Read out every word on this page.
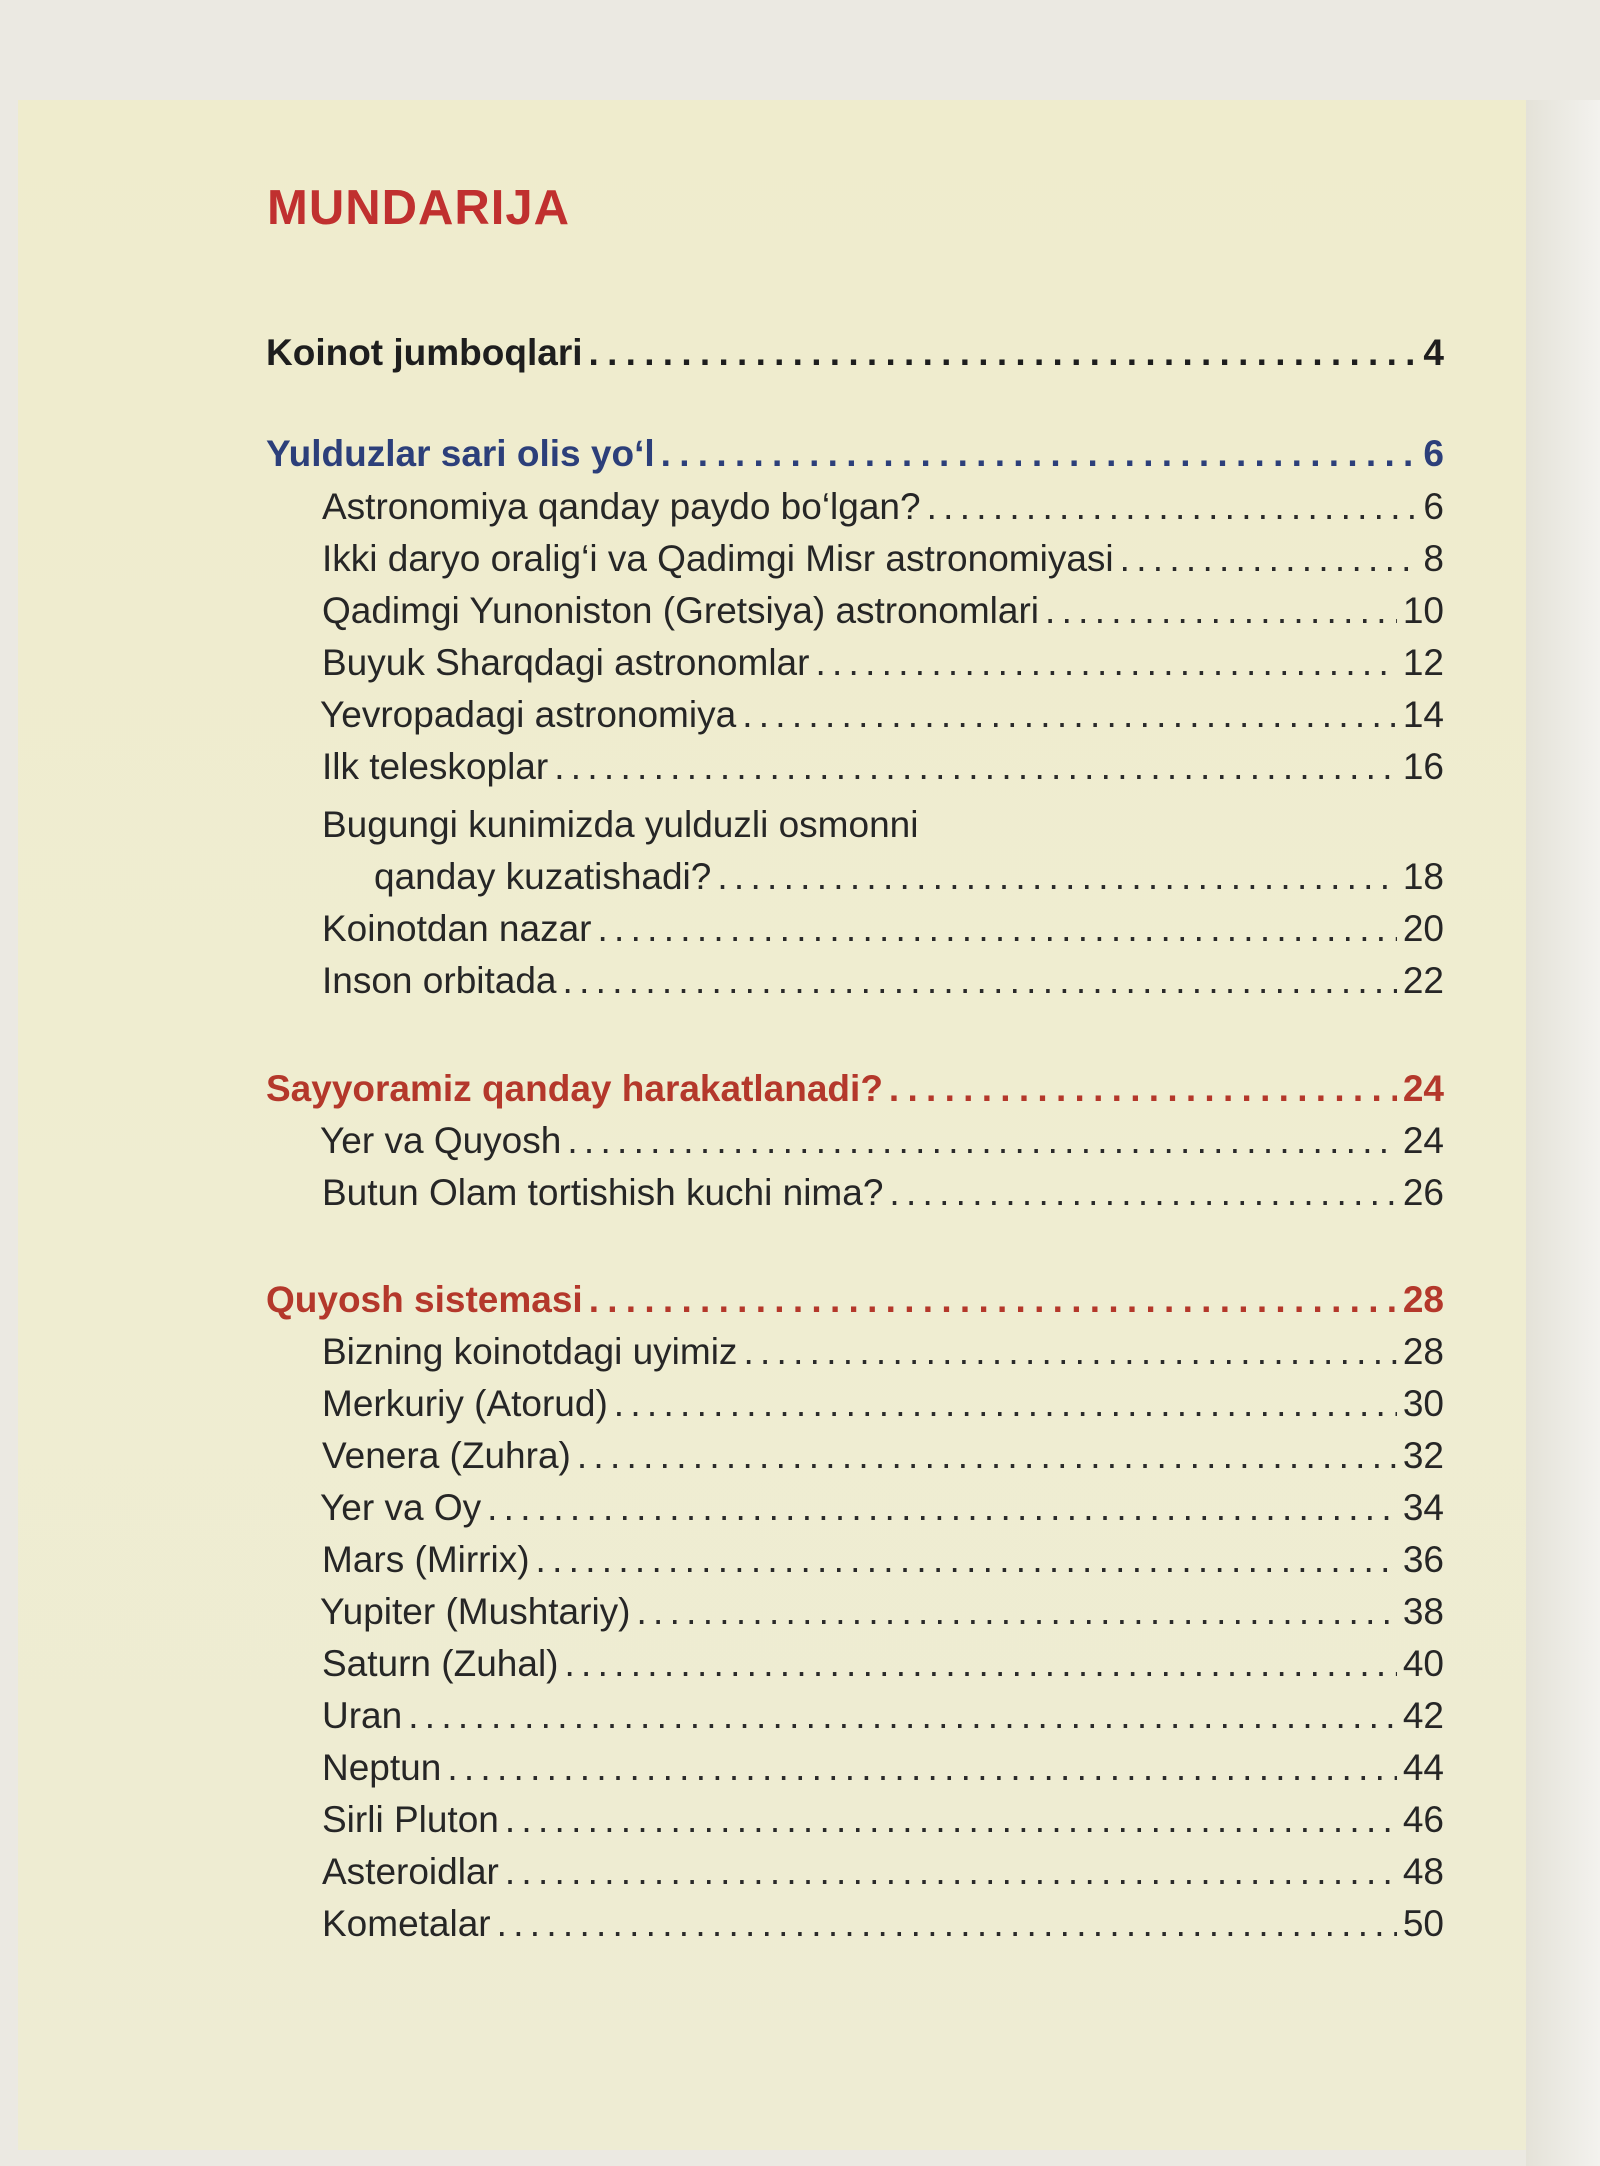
MUNDARIJA
Koinot jumboqlari . . .	4
Yulduzlar sari olis yo‘l . . .	6
Astronomiya qanday paydo bo‘lgan? . . .	6
Ikki daryo oralig‘i va Qadimgi Misr astronomiyasi . . .	8
Qadimgi Yunoniston (Gretsiya) astronomlari . . .	10
Buyuk Sharqdagi astronomlar . . .	12
Yevropadagi astronomiya . . .	14
Ilk teleskoplar . . .	16
Bugungi kunimizda yulduzli osmonni
qanday kuzatishadi? . . .	18
Koinotdan nazar . . .	20
Inson orbitada . . .	22
Sayyoramiz qanday harakatlanadi? . . .	24
Yer va Quyosh . . .	24
Butun Olam tortishish kuchi nima? . . .	26
Quyosh sistemasi . . .	28
Bizning koinotdagi uyimiz . . .	28
Merkuriy (Atorud) . . .	30
Venera (Zuhra) . . .	32
Yer va Oy . . .	34
Mars (Mirrix) . . .	36
Yupiter (Mushtariy) . . .	38
Saturn (Zuhal) . . .	40
Uran . . .	42
Neptun . . .	44
Sirli Pluton . . .	46
Asteroidlar . . .	48
Kometalar . . .	50
